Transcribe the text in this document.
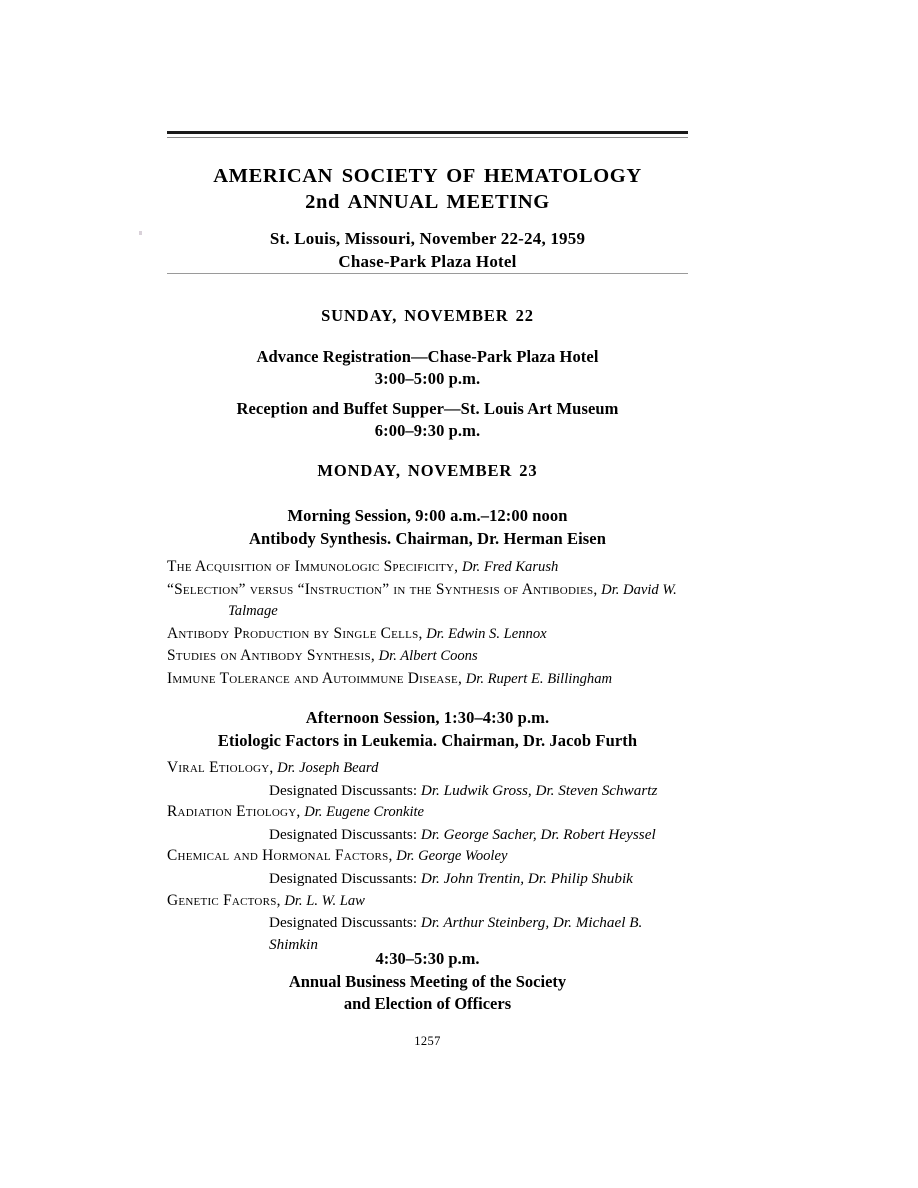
AMERICAN SOCIETY OF HEMATOLOGY
2nd ANNUAL MEETING
St. Louis, Missouri, November 22-24, 1959
Chase-Park Plaza Hotel
SUNDAY, NOVEMBER 22
Advance Registration—Chase-Park Plaza Hotel
3:00–5:00 p.m.
Reception and Buffet Supper—St. Louis Art Museum
6:00–9:30 p.m.
MONDAY, NOVEMBER 23
Morning Session, 9:00 a.m.–12:00 noon
Antibody Synthesis. Chairman, Dr. Herman Eisen
The Acquisition of Immunologic Specificity, Dr. Fred Karush
“Selection” versus “Instruction” in the Synthesis of Antibodies, Dr. David W. Talmage
Antibody Production by Single Cells, Dr. Edwin S. Lennox
Studies on Antibody Synthesis, Dr. Albert Coons
Immune Tolerance and Autoimmune Disease, Dr. Rupert E. Billingham
Afternoon Session, 1:30–4:30 p.m.
Etiologic Factors in Leukemia. Chairman, Dr. Jacob Furth
Viral Etiology, Dr. Joseph Beard
Designated Discussants: Dr. Ludwik Gross, Dr. Steven Schwartz
Radiation Etiology, Dr. Eugene Cronkite
Designated Discussants: Dr. George Sacher, Dr. Robert Heyssel
Chemical and Hormonal Factors, Dr. George Wooley
Designated Discussants: Dr. John Trentin, Dr. Philip Shubik
Genetic Factors, Dr. L. W. Law
Designated Discussants: Dr. Arthur Steinberg, Dr. Michael B. Shimkin
4:30–5:30 p.m.
Annual Business Meeting of the Society
and Election of Officers
1257
